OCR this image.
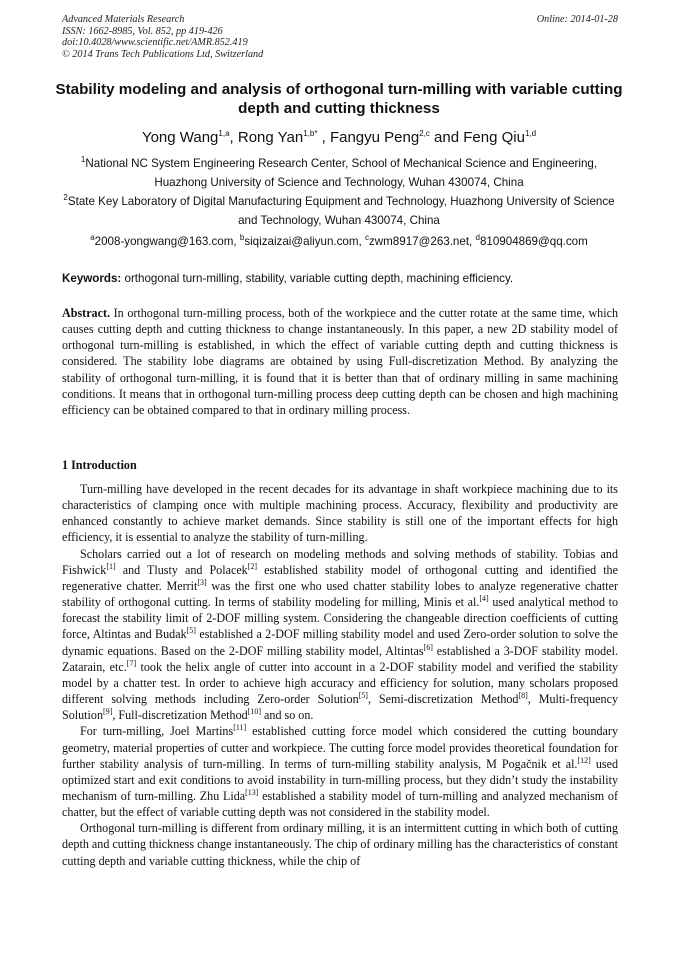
Advanced Materials Research
ISSN: 1662-8985, Vol. 852, pp 419-426
doi:10.4028/www.scientific.net/AMR.852.419
© 2014 Trans Tech Publications Ltd, Switzerland
Online: 2014-01-28
Stability modeling and analysis of orthogonal turn-milling with variable cutting depth and cutting thickness
Yong Wang$^{1,a}$, Rong Yan$^{1,b*}$ , Fangyu Peng$^{2,c}$ and Feng Qiu$^{1,d}$
$^1$National NC System Engineering Research Center, School of Mechanical Science and Engineering, Huazhong University of Science and Technology, Wuhan 430074, China
$^2$State Key Laboratory of Digital Manufacturing Equipment and Technology, Huazhong University of Science and Technology, Wuhan 430074, China
$^a$2008-yongwang@163.com, $^b$siqizaizai@aliyun.com, $^c$zwm8917@263.net, $^d$810904869@qq.com
Keywords: orthogonal turn-milling, stability, variable cutting depth, machining efficiency.
Abstract. In orthogonal turn-milling process, both of the workpiece and the cutter rotate at the same time, which causes cutting depth and cutting thickness to change instantaneously. In this paper, a new 2D stability model of orthogonal turn-milling is established, in which the effect of variable cutting depth and cutting thickness is considered. The stability lobe diagrams are obtained by using Full-discretization Method. By analyzing the stability of orthogonal turn-milling, it is found that it is better than that of ordinary milling in same machining conditions. It means that in orthogonal turn-milling process deep cutting depth can be chosen and high machining efficiency can be obtained compared to that in ordinary milling process.
1 Introduction

Turn-milling have developed in the recent decades for its advantage in shaft workpiece machining due to its characteristics of clamping once with multiple machining process. Accuracy, flexibility and productivity are enhanced constantly to achieve market demands. Since stability is still one of the important effects for high efficiency, it is essential to analyze the stability of turn-milling.

Scholars carried out a lot of research on modeling methods and solving methods of stability. Tobias and Fishwick[1] and Tlusty and Polacek[2] established stability model of orthogonal cutting and identified the regenerative chatter. Merrit[3] was the first one who used chatter stability lobes to analyze regenerative chatter stability of orthogonal cutting. In terms of stability modeling for milling, Minis et al.[4] used analytical method to forecast the stability limit of 2-DOF milling system. Considering the changeable direction coefficients of cutting force, Altintas and Budak[5] established a 2-DOF milling stability model and used Zero-order solution to solve the dynamic equations. Based on the 2-DOF milling stability model, Altintas[6] established a 3-DOF stability model. Zatarain, etc.[7] took the helix angle of cutter into account in a 2-DOF stability model and verified the stability model by a chatter test. In order to achieve high accuracy and efficiency for solution, many scholars proposed different solving methods including Zero-order Solution[5], Semi-discretization Method[8], Multi-frequency Solution[9], Full-discretization Method[10] and so on.

For turn-milling, Joel Martins[11] established cutting force model which considered the cutting boundary geometry, material properties of cutter and workpiece. The cutting force model provides theoretical foundation for further stability analysis of turn-milling. In terms of turn-milling stability analysis, M Pogačnik et al.[12] used optimized start and exit conditions to avoid instability in turn-milling process, but they didn’t study the instability mechanism of turn-milling. Zhu Lida[13] established a stability model of turn-milling and analyzed mechanism of chatter, but the effect of variable cutting depth was not considered in the stability model.

Orthogonal turn-milling is different from ordinary milling, it is an intermittent cutting in which both of cutting depth and cutting thickness change instantaneously. The chip of ordinary milling has the characteristics of constant cutting depth and variable cutting thickness, while the chip of
